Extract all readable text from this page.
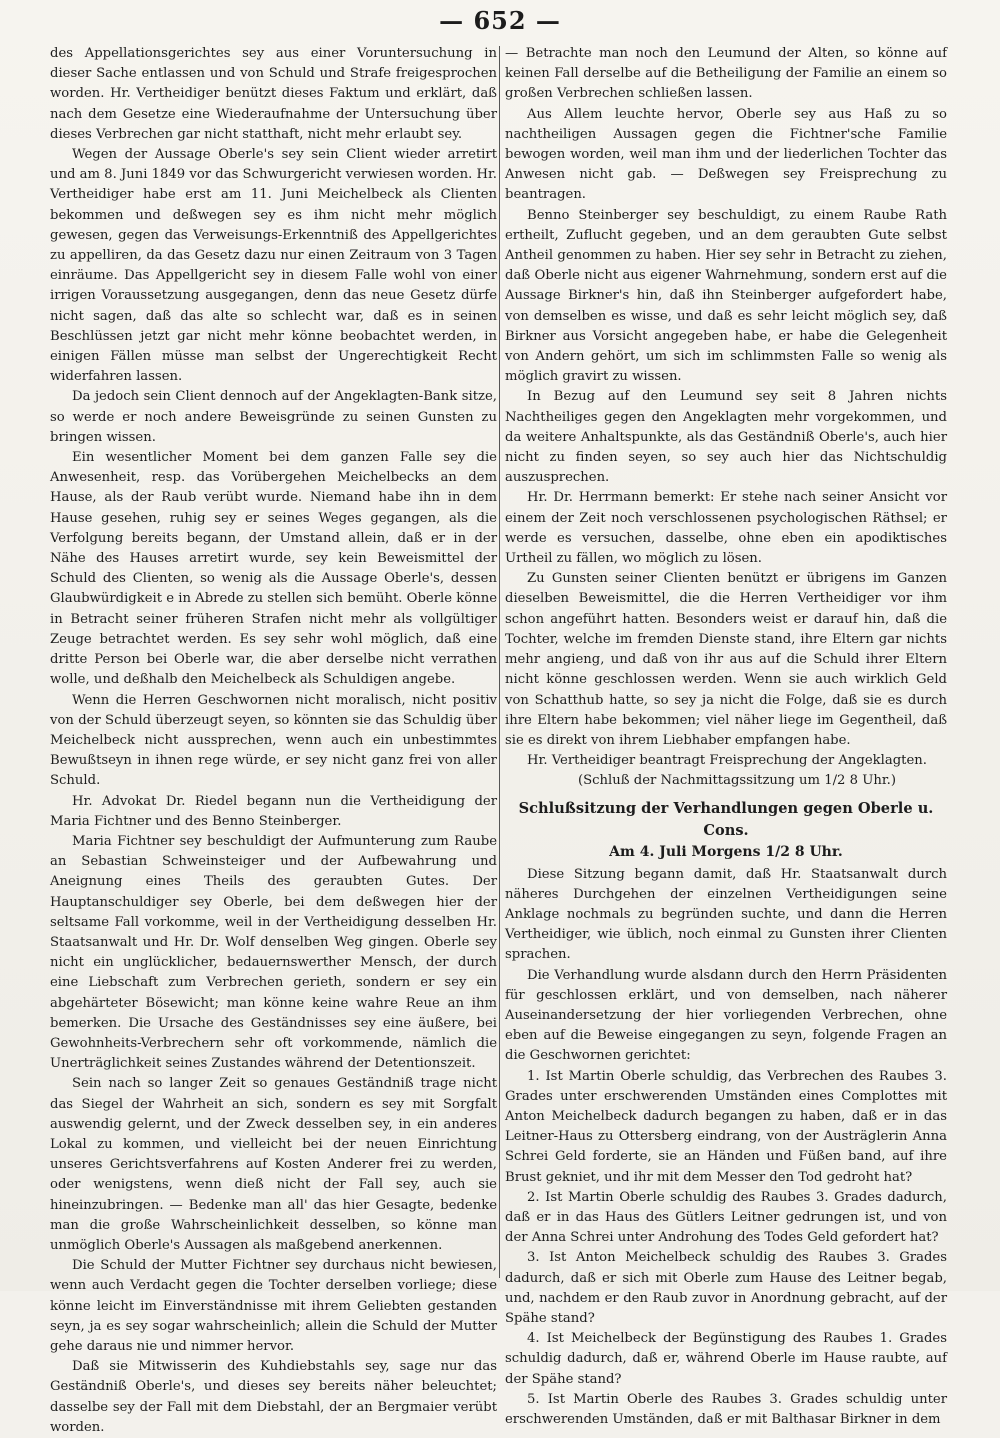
— 652 —

des Appellationsgerichtes sey aus einer Voruntersuchung in dieser Sache entlassen und von Schuld und Strafe freigesprochen worden. Hr. Vertheidiger benützt dieses Faktum und erklärt, daß nach dem Gesetze eine Wiederaufnahme der Untersuchung über dieses Verbrechen gar nicht statthaft, nicht mehr erlaubt sey.

Wegen der Aussage Oberle's sey sein Client wieder arretirt und am 8. Juni 1849 vor das Schwurgericht verwiesen worden. Hr. Vertheidiger habe erst am 11. Juni Meichelbeck als Clienten bekommen und deßwegen sey es ihm nicht mehr möglich gewesen, gegen das Verweisungs-Erkenntniß des Appellgerichtes zu appelliren, da das Gesetz dazu nur einen Zeitraum von 3 Tagen einräume. Das Appellgericht sey in diesem Falle wohl von einer irrigen Voraussetzung ausgegangen, denn das neue Gesetz dürfe nicht sagen, daß das alte so schlecht war, daß es in seinen Beschlüssen jetzt gar nicht mehr könne beobachtet werden, in einigen Fällen müsse man selbst der Ungerechtigkeit Recht widerfahren lassen.

Da jedoch sein Client dennoch auf der Angeklagten-Bank sitze, so werde er noch andere Beweisgründe zu seinen Gunsten zu bringen wissen.

Ein wesentlicher Moment bei dem ganzen Falle sey die Anwesenheit, resp. das Vorübergehen Meichelbecks an dem Hause, als der Raub verübt wurde. Niemand habe ihn in dem Hause gesehen, ruhig sey er seines Weges gegangen, als die Verfolgung bereits begann, der Umstand allein, daß er in der Nähe des Hauses arretirt wurde, sey kein Beweismittel der Schuld des Clienten, so wenig als die Aussage Oberle's, dessen Glaubwürdigkeit e in Abrede zu stellen sich bemüht. Oberle könne in Betracht seiner früheren Strafen nicht mehr als vollgültiger Zeuge betrachtet werden. Es sey sehr wohl möglich, daß eine dritte Person bei Oberle war, die aber derselbe nicht verrathen wolle, und deßhalb den Meichelbeck als Schuldigen angebe.

Wenn die Herren Geschwornen nicht moralisch, nicht positiv von der Schuld überzeugt seyen, so könnten sie das Schuldig über Meichelbeck nicht aussprechen, wenn auch ein unbestimmtes Bewußtseyn in ihnen rege würde, er sey nicht ganz frei von aller Schuld.

Hr. Advokat Dr. Riedel begann nun die Vertheidigung der Maria Fichtner und des Benno Steinberger.

Maria Fichtner sey beschuldigt der Aufmunterung zum Raube an Sebastian Schweinsteiger und der Aufbewahrung und Aneignung eines Theils des geraubten Gutes. Der Hauptanschuldiger sey Oberle, bei dem deßwegen hier der seltsame Fall vorkomme, weil in der Vertheidigung desselben Hr. Staatsanwalt und Hr. Dr. Wolf denselben Weg gingen. Oberle sey nicht ein unglücklicher, bedauernswerther Mensch, der durch eine Liebschaft zum Verbrechen gerieth, sondern er sey ein abgehärteter Bösewicht; man könne keine wahre Reue an ihm bemerken. Die Ursache des Geständnisses sey eine äußere, bei Gewohnheits-Verbrechern sehr oft vorkommende, nämlich die Unerträglichkeit seines Zustandes während der Detentionszeit.

Sein nach so langer Zeit so genaues Geständniß trage nicht das Siegel der Wahrheit an sich, sondern es sey mit Sorgfalt auswendig gelernt, und der Zweck desselben sey, in ein anderes Lokal zu kommen, und vielleicht bei der neuen Einrichtung unseres Gerichtsverfahrens auf Kosten Anderer frei zu werden, oder wenigstens, wenn dieß nicht der Fall sey, auch sie hineinzubringen. — Bedenke man all' das hier Gesagte, bedenke man die große Wahrscheinlichkeit desselben, so könne man unmöglich Oberle's Aussagen als maßgebend anerkennen.

Die Schuld der Mutter Fichtner sey durchaus nicht bewiesen, wenn auch Verdacht gegen die Tochter derselben vorliege; diese könne leicht im Einverständnisse mit ihrem Geliebten gestanden seyn, ja es sey sogar wahrscheinlich; allein die Schuld der Mutter gehe daraus nie und nimmer hervor.

Daß sie Mitwisserin des Kuhdiebstahls sey, sage nur das Geständniß Oberle's, und dieses sey bereits näher beleuchtet; dasselbe sey der Fall mit dem Diebstahl, der an Bergmaier verübt worden.

— Betrachte man noch den Leumund der Alten, so könne auf keinen Fall derselbe auf die Betheiligung der Familie an einem so großen Verbrechen schließen lassen.

Aus Allem leuchte hervor, Oberle sey aus Haß zu so nachtheiligen Aussagen gegen die Fichtner'sche Familie bewogen worden, weil man ihm und der liederlichen Tochter das Anwesen nicht gab. — Deßwegen sey Freisprechung zu beantragen.

Benno Steinberger sey beschuldigt, zu einem Raube Rath ertheilt, Zuflucht gegeben, und an dem geraubten Gute selbst Antheil genommen zu haben. Hier sey sehr in Betracht zu ziehen, daß Oberle nicht aus eigener Wahrnehmung, sondern erst auf die Aussage Birkner's hin, daß ihn Steinberger aufgefordert habe, von demselben es wisse, und daß es sehr leicht möglich sey, daß Birkner aus Vorsicht angegeben habe, er habe die Gelegenheit von Andern gehört, um sich im schlimmsten Falle so wenig als möglich gravirt zu wissen.

In Bezug auf den Leumund sey seit 8 Jahren nichts Nachtheiliges gegen den Angeklagten mehr vorgekommen, und da weitere Anhaltspunkte, als das Geständniß Oberle's, auch hier nicht zu finden seyen, so sey auch hier das Nichtschuldig auszusprechen.

Hr. Dr. Herrmann bemerkt: Er stehe nach seiner Ansicht vor einem der Zeit noch verschlossenen psychologischen Räthsel; er werde es versuchen, dasselbe, ohne eben ein apodiktisches Urtheil zu fällen, wo möglich zu lösen.

Zu Gunsten seiner Clienten benützt er übrigens im Ganzen dieselben Beweismittel, die die Herren Vertheidiger vor ihm schon angeführt hatten. Besonders weist er darauf hin, daß die Tochter, welche im fremden Dienste stand, ihre Eltern gar nichts mehr angieng, und daß von ihr aus auf die Schuld ihrer Eltern nicht könne geschlossen werden. Wenn sie auch wirklich Geld von Schatthub hatte, so sey ja nicht die Folge, daß sie es durch ihre Eltern habe bekommen; viel näher liege im Gegentheil, daß sie es direkt von ihrem Liebhaber empfangen habe.

Hr. Vertheidiger beantragt Freisprechung der Angeklagten.

(Schluß der Nachmittagssitzung um 1/2 8 Uhr.)

Schlußsitzung der Verhandlungen gegen Oberle u. Cons.
Am 4. Juli Morgens 1/2 8 Uhr.

Diese Sitzung begann damit, daß Hr. Staatsanwalt durch näheres Durchgehen der einzelnen Vertheidigungen seine Anklage nochmals zu begründen suchte, und dann die Herren Vertheidiger, wie üblich, noch einmal zu Gunsten ihrer Clienten sprachen.

Die Verhandlung wurde alsdann durch den Herrn Präsidenten für geschlossen erklärt, und von demselben, nach näherer Auseinandersetzung der hier vorliegenden Verbrechen, ohne eben auf die Beweise eingegangen zu seyn, folgende Fragen an die Geschwornen gerichtet:

1. Ist Martin Oberle schuldig, das Verbrechen des Raubes 3. Grades unter erschwerenden Umständen eines Complottes mit Anton Meichelbeck dadurch begangen zu haben, daß er in das Leitner-Haus zu Ottersberg eindrang, von der Austräglerin Anna Schrei Geld forderte, sie an Händen und Füßen band, auf ihre Brust gekniet, und ihr mit dem Messer den Tod gedroht hat?

2. Ist Martin Oberle schuldig des Raubes 3. Grades dadurch, daß er in das Haus des Gütlers Leitner gedrungen ist, und von der Anna Schrei unter Androhung des Todes Geld gefordert hat?

3. Ist Anton Meichelbeck schuldig des Raubes 3. Grades dadurch, daß er sich mit Oberle zum Hause des Leitner begab, und, nachdem er den Raub zuvor in Anordnung gebracht, auf der Spähe stand?

4. Ist Meichelbeck der Begünstigung des Raubes 1. Grades schuldig dadurch, daß er, während Oberle im Hause raubte, auf der Spähe stand?

5. Ist Martin Oberle des Raubes 3. Grades schuldig unter erschwerenden Umständen, daß er mit Balthasar Birkner in dem
